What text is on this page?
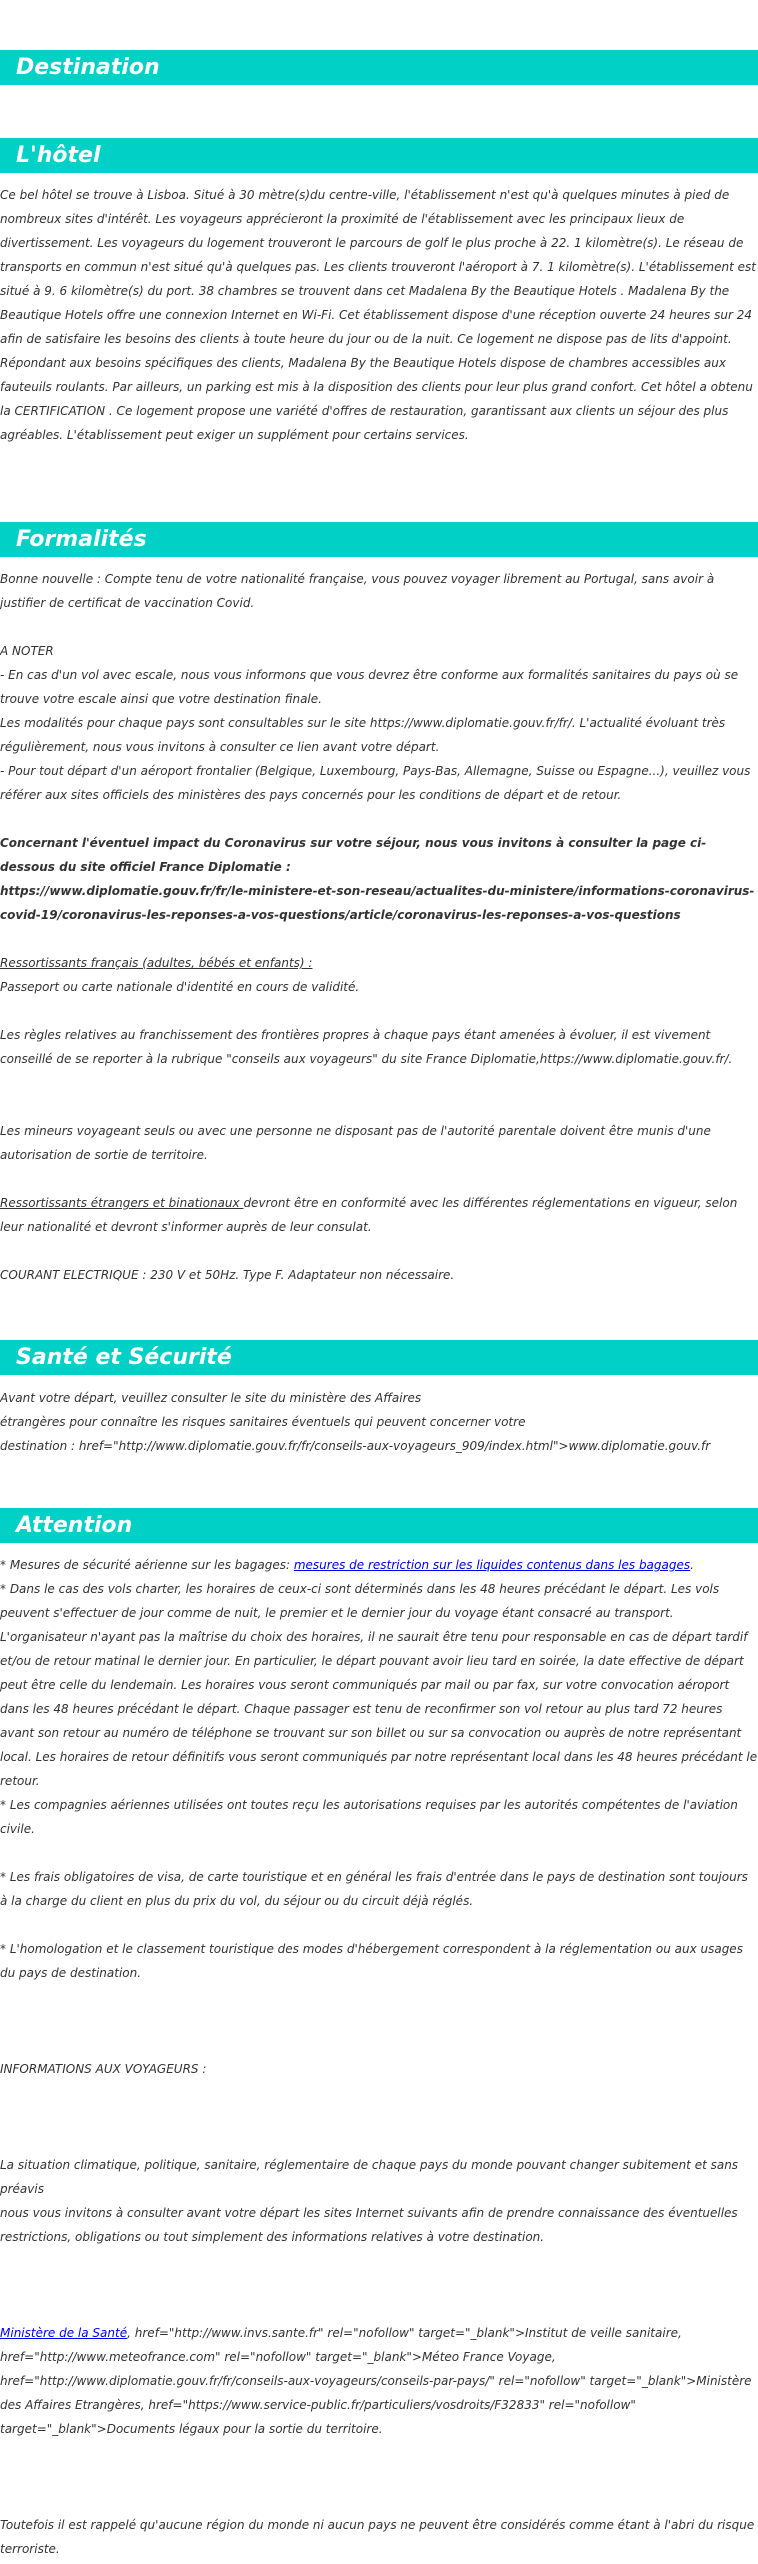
Destination
L'hôtel

Ce bel hôtel se trouve à Lisboa. Situé à 30 mètre(s)du centre-ville, l'établissement n'est qu'à quelques minutes à pied de nombreux sites d'intérêt. Les voyageurs apprécieront la proximité de l'établissement avec les principaux lieux de divertissement. Les voyageurs du logement trouveront le parcours de golf le plus proche à 22. 1 kilomètre(s). Le réseau de transports en commun n'est situé qu'à quelques pas. Les clients trouveront l'aéroport à 7. 1 kilomètre(s). L'établissement est situé à 9. 6 kilomètre(s) du port. 38 chambres se trouvent dans cet Madalena By the Beautique Hotels . Madalena By the Beautique Hotels offre une connexion Internet en Wi-Fi. Cet établissement dispose d'une réception ouverte 24 heures sur 24 afin de satisfaire les besoins des clients à toute heure du jour ou de la nuit. Ce logement ne dispose pas de lits d'appoint. Répondant aux besoins spécifiques des clients, Madalena By the Beautique Hotels dispose de chambres accessibles aux fauteuils roulants. Par ailleurs, un parking est mis à la disposition des clients pour leur plus grand confort. Cet hôtel a obtenu la CERTIFICATION . Ce logement propose une variété d'offres de restauration, garantissant aux clients un séjour des plus agréables. L'établissement peut exiger un supplément pour certains services.

Formalités

Bonne nouvelle : Compte tenu de votre nationalité française, vous pouvez voyager librement au Portugal, sans avoir à justifier de certificat de vaccination Covid.

A NOTER
- En cas d'un vol avec escale, nous vous informons que vous devrez être conforme aux formalités sanitaires du pays où se trouve votre escale ainsi que votre destination finale.
Les modalités pour chaque pays sont consultables sur le site https://www.diplomatie.gouv.fr/fr/. L'actualité évoluant très régulièrement, nous vous invitons à consulter ce lien avant votre départ.
- Pour tout départ d'un aéroport frontalier (Belgique, Luxembourg, Pays-Bas, Allemagne, Suisse ou Espagne...), veuillez vous référer aux sites officiels des ministères des pays concernés pour les conditions de départ et de retour.

Concernant l'éventuel impact du Coronavirus sur votre séjour, nous vous invitons à consulter la page ci-dessous du site officiel France Diplomatie :
https://www.diplomatie.gouv.fr/fr/le-ministere-et-son-reseau/actualites-du-ministere/informations-coronavirus-covid-19/coronavirus-les-reponses-a-vos-questions/article/coronavirus-les-reponses-a-vos-questions

Ressortissants français (adultes, bébés et enfants) :
Passeport ou carte nationale d'identité en cours de validité.

Les règles relatives au franchissement des frontières propres à chaque pays étant amenées à évoluer, il est vivement conseillé de se reporter à la rubrique "conseils aux voyageurs" du site France Diplomatie,https://www.diplomatie.gouv.fr/.

Les mineurs voyageant seuls ou avec une personne ne disposant pas de l'autorité parentale doivent être munis d'une autorisation de sortie de territoire.

Ressortissants étrangers et binationaux devront être en conformité avec les différentes réglementations en vigueur, selon leur nationalité et devront s'informer auprès de leur consulat.

COURANT ELECTRIQUE : 230 V et 50Hz. Type F. Adaptateur non nécessaire.

Santé et Sécurité

Avant votre départ, veuillez consulter le site du ministère des Affaires
étrangères pour connaître les risques sanitaires éventuels qui peuvent concerner votre
destination : href="http://www.diplomatie.gouv.fr/fr/conseils-aux-voyageurs_909/index.html">www.diplomatie.gouv.fr

Attention

* Mesures de sécurité aérienne sur les bagages: mesures de restriction sur les liquides contenus dans les bagages.

* Dans le cas des vols charter, les horaires de ceux-ci sont déterminés dans les 48 heures précédant le départ. Les vols peuvent s'effectuer de jour comme de nuit, le premier et le dernier jour du voyage étant consacré au transport. L'organisateur n'ayant pas la maîtrise du choix des horaires, il ne saurait être tenu pour responsable en cas de départ tardif et/ou de retour matinal le dernier jour. En particulier, le départ pouvant avoir lieu tard en soirée, la date effective de départ peut être celle du lendemain. Les horaires vous seront communiqués par mail ou par fax, sur votre convocation aéroport dans les 48 heures précédant le départ. Chaque passager est tenu de reconfirmer son vol retour au plus tard 72 heures avant son retour au numéro de téléphone se trouvant sur son billet ou sur sa convocation ou auprès de notre représentant local. Les horaires de retour définitifs vous seront communiqués par notre représentant local dans les 48 heures précédant le retour.
* Les compagnies aériennes utilisées ont toutes reçu les autorisations requises par les autorités compétentes de l'aviation civile.

* Les frais obligatoires de visa, de carte touristique et en général les frais d'entrée dans le pays de destination sont toujours à la charge du client en plus du prix du vol, du séjour ou du circuit déjà réglés.

* L'homologation et le classement touristique des modes d'hébergement correspondent à la réglementation ou aux usages du pays de destination.

INFORMATIONS AUX VOYAGEURS :

La situation climatique, politique, sanitaire, réglementaire de chaque pays du monde pouvant changer subitement et sans préavis
nous vous invitons à consulter avant votre départ les sites Internet suivants afin de prendre connaissance des éventuelles restrictions, obligations ou tout simplement des informations relatives à votre destination.

Ministère de la Santé, href="http://www.invs.sante.fr" rel="nofollow" target="_blank">Institut de veille sanitaire, href="http://www.meteofrance.com" rel="nofollow" target="_blank">Méteo France Voyage, href="http://www.diplomatie.gouv.fr/fr/conseils-aux-voyageurs/conseils-par-pays/" rel="nofollow" target="_blank">Ministère des Affaires Etrangères, href="https://www.service-public.fr/particuliers/vosdroits/F32833" rel="nofollow" target="_blank">Documents légaux pour la sortie du territoire.

Toutefois il est rappelé qu'aucune région du monde ni aucun pays ne peuvent être considérés comme étant à l'abri du risque terroriste.
